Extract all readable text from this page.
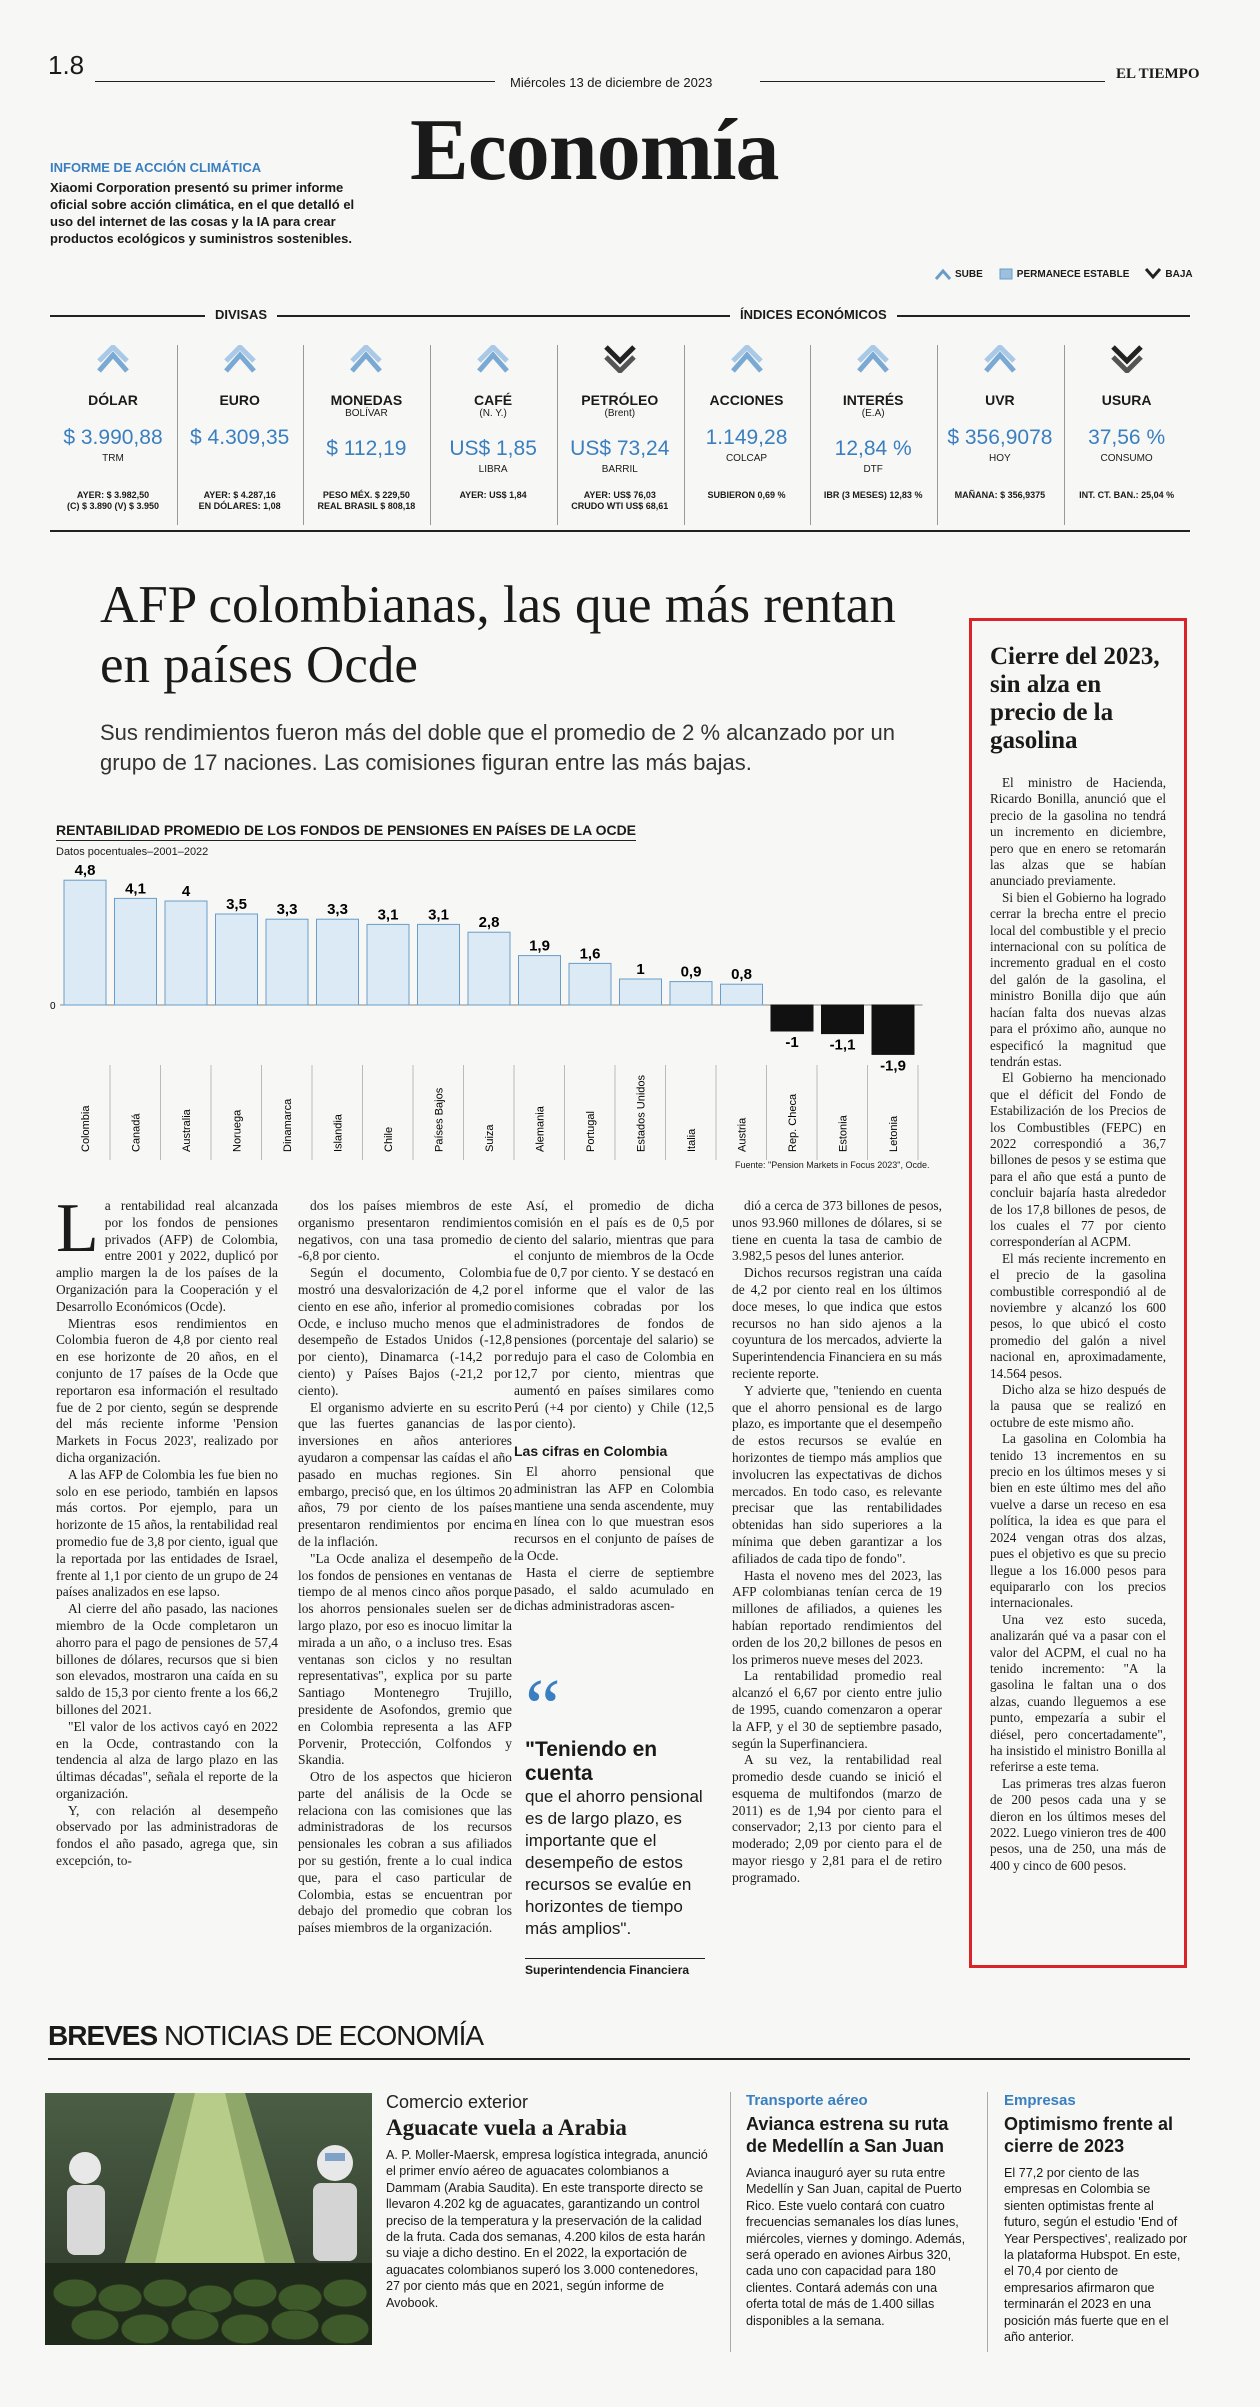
1.8
Miércoles 13 de diciembre de 2023
EL TIEMPO
Economía
INFORME DE ACCIÓN CLIMÁTICA
Xiaomi Corporation presentó su primer informe oficial sobre acción climática, en el que detalló el uso del internet de las cosas y la IA para crear productos ecológicos y suministros sostenibles.
SUBE	PERMANECE ESTABLE	BAJA
DIVISAS	ÍNDICES ECONÓMICOS
DÓLAR
$ 3.990,88
TRM
AYER: $ 3.982,50
(C) $ 3.890 (V) $ 3.950
EURO
$ 4.309,35
AYER: $ 4.287,16
EN DÓLARES: 1,08
MONEDAS
BOLÍVAR
$ 112,19
PESO MÉX. $ 229,50
REAL BRASIL $ 808,18
CAFÉ
(N. Y.)
US$ 1,85
LIBRA
AYER: US$ 1,84
PETRÓLEO
(Brent)
US$ 73,24
BARRIL
AYER: US$ 76,03
CRUDO WTI US$ 68,61
ACCIONES
1.149,28
COLCAP
SUBIERON 0,69 %
INTERÉS
(E.A)
12,84 %
DTF
IBR (3 MESES) 12,83 %
UVR
$ 356,9078
HOY
MAÑANA: $ 356,9375
USURA
37,56 %
CONSUMO
INT. CT. BAN.: 25,04 %
AFP colombianas, las que más rentan en países Ocde
Sus rendimientos fueron más del doble que el promedio de 2 % alcanzado por un grupo de 17 naciones. Las comisiones figuran entre las más bajas.
RENTABILIDAD PROMEDIO DE LOS FONDOS DE PENSIONES EN PAÍSES DE LA OCDE
Datos pocentuales–2001–2022
0
4,8
Colombia
4,1
Canadá
4
Australia
3,5
Noruega
3,3
Dinamarca
3,3
Islandia
3,1
Chile
3,1
Países Bajos
2,8
Suiza
1,9
Alemania
1,6
Portugal
1
Estados Unidos
0,9
Italia
0,8
Austria
-1
Rep. Checa
-1,1
Estonia
-1,9
Letonia
Fuente: "Pension Markets in Focus 2023", Ocde.
L a rentabilidad real alcanzada por los fondos de pensiones privados (AFP) de Colombia, entre 2001 y 2022, duplicó por amplio margen la de los países de la Organización para la Cooperación y el Desarrollo Económicos (Ocde).

Mientras esos rendimientos en Colombia fueron de 4,8 por ciento real en ese horizonte de 20 años, en el conjunto de 17 países de la Ocde que reportaron esa información el resultado fue de 2 por ciento, según se desprende del más reciente informe 'Pension Markets in Focus 2023', realizado por dicha organización.

A las AFP de Colombia les fue bien no solo en ese periodo, también en lapsos más cortos. Por ejemplo, para un horizonte de 15 años, la rentabilidad real promedio fue de 3,8 por ciento, igual que la reportada por las entidades de Israel, frente al 1,1 por ciento de un grupo de 24 países analizados en ese lapso.

Al cierre del año pasado, las naciones miembro de la Ocde completaron un ahorro para el pago de pensiones de 57,4 billones de dólares, recursos que si bien son elevados, mostraron una caída en su saldo de 15,3 por ciento frente a los 66,2 billones del 2021.

"El valor de los activos cayó en 2022 en la Ocde, contrastando con la tendencia al alza de largo plazo en las últimas décadas", señala el reporte de la organización.

Y, con relación al desempeño observado por las administradoras de fondos el año pasado, agrega que, sin excepción, to-

dos los países miembros de este organismo presentaron rendimientos negativos, con una tasa promedio de -6,8 por ciento.

Según el documento, Colombia mostró una desvalorización de 4,2 por ciento en ese año, inferior al promedio Ocde, e incluso mucho menos que el desempeño de Estados Unidos (-12,8 por ciento), Dinamarca (-14,2 por ciento) y Países Bajos (-21,2 por ciento).

El organismo advierte en su escrito que las fuertes ganancias de las inversiones en años anteriores ayudaron a compensar las caídas el año pasado en muchas regiones. Sin embargo, precisó que, en los últimos 20 años, 79 por ciento de los países presentaron rendimientos por encima de la inflación.

"La Ocde analiza el desempeño de los fondos de pensiones en ventanas de tiempo de al menos cinco años porque los ahorros pensionales suelen ser de largo plazo, por eso es inocuo limitar la mirada a un año, o a incluso tres. Esas ventanas son ciclos y no resultan representativas", explica por su parte Santiago Montenegro Trujillo, presidente de Asofondos, gremio que en Colombia representa a las AFP Porvenir, Protección, Colfondos y Skandia.

Otro de los aspectos que hicieron parte del análisis de la Ocde se relaciona con las comisiones que las administradoras de los recursos pensionales les cobran a sus afiliados por su gestión, frente a lo cual indica que, para el caso particular de Colombia, estas se encuentran por debajo del promedio que cobran los países miembros de la organización.

Así, el promedio de dicha comisión en el país es de 0,5 por ciento del salario, mientras que para el conjunto de miembros de la Ocde fue de 0,7 por ciento. Y se destacó en el informe que el valor de las comisiones cobradas por los administradores de fondos de pensiones (porcentaje del salario) se redujo para el caso de Colombia en 12,7 por ciento, mientras que aumentó en países similares como Perú (+4 por ciento) y Chile (12,5 por ciento).

Las cifras en Colombia

El ahorro pensional que administran las AFP en Colombia mantiene una senda ascendente, muy en línea con lo que muestran esos recursos en el conjunto de países de la Ocde.

Hasta el cierre de septiembre pasado, el saldo acumulado en dichas administradoras ascen-

dió a cerca de 373 billones de pesos, unos 93.960 millones de dólares, si se tiene en cuenta la tasa de cambio de 3.982,5 pesos del lunes anterior.

Dichos recursos registran una caída de 4,2 por ciento real en los últimos doce meses, lo que indica que estos recursos no han sido ajenos a la coyuntura de los mercados, advierte la Superintendencia Financiera en su más reciente reporte.

Y advierte que, "teniendo en cuenta que el ahorro pensional es de largo plazo, es importante que el desempeño de estos recursos se evalúe en horizontes de tiempo más amplios que involucren las expectativas de dichos mercados. En todo caso, es relevante precisar que las rentabilidades obtenidas han sido superiores a la mínima que deben garantizar a los afiliados de cada tipo de fondo".

Hasta el noveno mes del 2023, las AFP colombianas tenían cerca de 19 millones de afiliados, a quienes les habían reportado rendimientos del orden de los 20,2 billones de pesos en los primeros nueve meses del 2023.

La rentabilidad promedio real alcanzó el 6,67 por ciento entre julio de 1995, cuando comenzaron a operar la AFP, y el 30 de septiembre pasado, según la Superfinanciera.

A su vez, la rentabilidad real promedio desde cuando se inició el esquema de multifondos (marzo de 2011) es de 1,94 por ciento para el conservador; 2,13 por ciento para el moderado; 2,09 por ciento para el de mayor riesgo y 2,81 para el de retiro programado.

“
"Teniendo en cuenta
que el ahorro pensional es de largo plazo, es importante que el desempeño de estos recursos se evalúe en horizontes de tiempo más amplios".
Superintendencia Financiera
Cierre del 2023, sin alza en precio de la gasolina

El ministro de Hacienda, Ricardo Bonilla, anunció que el precio de la gasolina no tendrá un incremento en diciembre, pero que en enero se retomarán las alzas que se habían anunciado previamente.

Si bien el Gobierno ha logrado cerrar la brecha entre el precio local del combustible y el precio internacional con su política de incremento gradual en el costo del galón de la gasolina, el ministro Bonilla dijo que aún hacían falta dos nuevas alzas para el próximo año, aunque no especificó la magnitud que tendrán estas.

El Gobierno ha mencionado que el déficit del Fondo de Estabilización de los Precios de los Combustibles (FEPC) en 2022 correspondió a 36,7 billones de pesos y se estima que para el año que está a punto de concluir bajaría hasta alrededor de los 17,8 billones de pesos, de los cuales el 77 por ciento corresponderían al ACPM.

El más reciente incremento en el precio de la gasolina combustible correspondió al de noviembre y alcanzó los 600 pesos, lo que ubicó el costo promedio del galón a nivel nacional en, aproximadamente, 14.564 pesos.

Dicho alza se hizo después de la pausa que se realizó en octubre de este mismo año.

La gasolina en Colombia ha tenido 13 incrementos en su precio en los últimos meses y si bien en este último mes del año vuelve a darse un receso en esa política, la idea es que para el 2024 vengan otras dos alzas, pues el objetivo es que su precio llegue a los 16.000 pesos para equipararlo con los precios internacionales.

Una vez esto suceda, analizarán qué va a pasar con el valor del ACPM, el cual no ha tenido incremento: "A la gasolina le faltan una o dos alzas, cuando lleguemos a ese punto, empezaría a subir el diésel, pero concertadamente", ha insistido el ministro Bonilla al referirse a este tema.

Las primeras tres alzas fueron de 200 pesos cada una y se dieron en los últimos meses del 2022. Luego vinieron tres de 400 pesos, una de 250, una más de 400 y cinco de 600 pesos.

BREVES NOTICIAS DE ECONOMÍA
Comercio exterior
Aguacate vuela a Arabia
A. P. Moller-Maersk, empresa logística integrada, anunció el primer envío aéreo de aguacates colombianos a Dammam (Arabia Saudita). En este transporte directo se llevaron 4.202 kg de aguacates, garantizando un control preciso de la temperatura y la preservación de la calidad de la fruta. Cada dos semanas, 4.200 kilos de esta harán su viaje a dicho destino. En el 2022, la exportación de aguacates colombianos superó los 3.000 contenedores, 27 por ciento más que en 2021, según informe de Avobook.
Transporte aéreo
Avianca estrena su ruta de Medellín a San Juan
Avianca inauguró ayer su ruta entre Medellín y San Juan, capital de Puerto Rico. Este vuelo contará con cuatro frecuencias semanales los días lunes, miércoles, viernes y domingo. Además, será operado en aviones Airbus 320, cada uno con capacidad para 180 clientes. Contará además con una oferta total de más de 1.400 sillas disponibles a la semana.
Empresas
Optimismo frente al cierre de 2023
El 77,2 por ciento de las empresas en Colombia se sienten optimistas frente al futuro, según el estudio 'End of Year Perspectives', realizado por la plataforma Hubspot. En este, el 70,4 por ciento de empresarios afirmaron que terminarán el 2023 en una posición más fuerte que en el año anterior.
